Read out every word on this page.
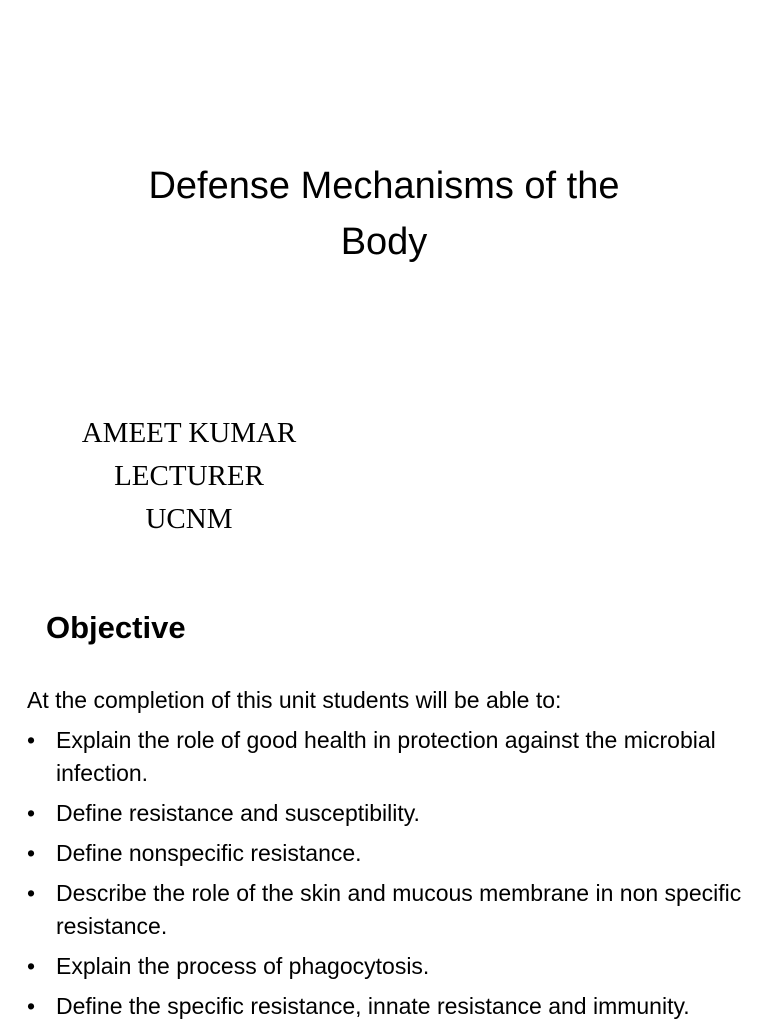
Defense Mechanisms of the
Body
AMEET KUMAR
LECTURER
UCNM
Objective

At the completion of this unit students will be able to:

• Explain the role of good health in protection against the microbial infection.
• Define resistance and susceptibility.
• Define nonspecific resistance.
• Describe the role of the skin and mucous membrane in non specific resistance.
• Explain the process of phagocytosis.
• Define the specific resistance, innate resistance and immunity.
